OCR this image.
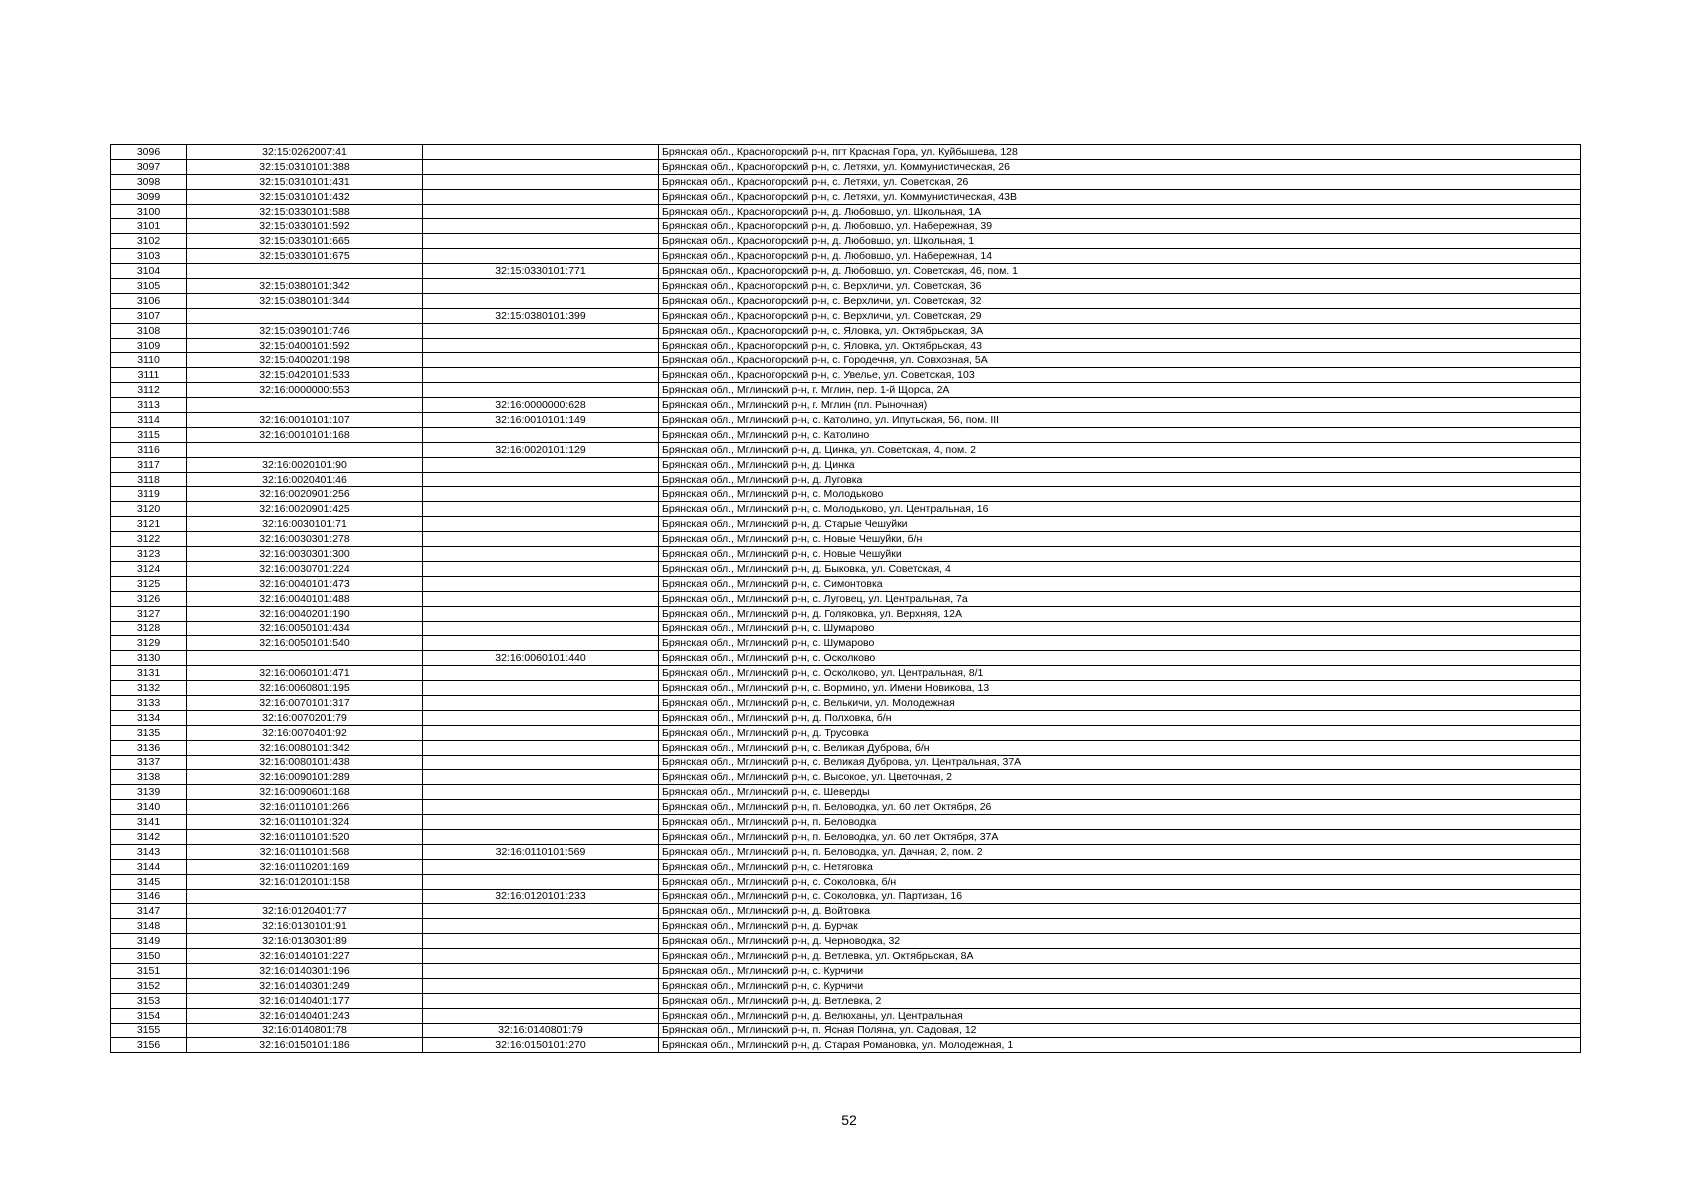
3096	32:15:0262007:41		Брянская обл., Красногорский р-н, пгт Красная Гора, ул. Куйбышева, 128
3097	32:15:0310101:388		Брянская обл., Красногорский р-н, с. Летяхи, ул. Коммунистическая, 26
3098	32:15:0310101:431		Брянская обл., Красногорский р-н, с. Летяхи, ул. Советская, 26
3099	32:15:0310101:432		Брянская обл., Красногорский р-н, с. Летяхи, ул. Коммунистическая, 43В
3100	32:15:0330101:588		Брянская обл., Красногорский р-н, д. Любовшо, ул. Школьная, 1А
3101	32:15:0330101:592		Брянская обл., Красногорский р-н, д. Любовшо, ул. Набережная, 39
3102	32:15:0330101:665		Брянская обл., Красногорский р-н, д. Любовшо, ул. Школьная, 1
3103	32:15:0330101:675		Брянская обл., Красногорский р-н, д. Любовшо, ул. Набережная, 14
3104		32:15:0330101:771	Брянская обл., Красногорский р-н, д. Любовшо, ул. Советская, 46, пом. 1
3105	32:15:0380101:342		Брянская обл., Красногорский р-н, с. Верхличи, ул. Советская, 36
3106	32:15:0380101:344		Брянская обл., Красногорский р-н, с. Верхличи, ул. Советская, 32
3107		32:15:0380101:399	Брянская обл., Красногорский р-н, с. Верхличи, ул. Советская, 29
3108	32:15:0390101:746		Брянская обл., Красногорский р-н, с. Яловка, ул. Октябрьская, 3А
3109	32:15:0400101:592		Брянская обл., Красногорский р-н, с. Яловка, ул. Октябрьская, 43
3110	32:15:0400201:198		Брянская обл., Красногорский р-н, с. Городечня, ул. Совхозная, 5А
3111	32:15:0420101:533		Брянская обл., Красногорский р-н, с. Увелье, ул. Советская, 103
3112	32:16:0000000:553		Брянская обл., Мглинский р-н, г. Мглин, пер. 1-й Щорса, 2А
3113		32:16:0000000:628	Брянская обл., Мглинский р-н, г. Мглин (пл. Рыночная)
3114	32:16:0010101:107	32:16:0010101:149	Брянская обл., Мглинский р-н, с. Католино, ул. Ипутьская, 56, пом. III
3115	32:16:0010101:168		Брянская обл., Мглинский р-н, с. Католино
3116		32:16:0020101:129	Брянская обл., Мглинский р-н, д. Цинка, ул. Советская, 4, пом. 2
3117	32:16:0020101:90		Брянская обл., Мглинский р-н, д. Цинка
3118	32:16:0020401:46		Брянская обл., Мглинский р-н, д. Луговка
3119	32:16:0020901:256		Брянская обл., Мглинский р-н, с. Молодьково
3120	32:16:0020901:425		Брянская обл., Мглинский р-н, с. Молодьково, ул. Центральная, 16
3121	32:16:0030101:71		Брянская обл., Мглинский р-н, д. Старые Чешуйки
3122	32:16:0030301:278		Брянская обл., Мглинский р-н, с. Новые Чешуйки, б/н
3123	32:16:0030301:300		Брянская обл., Мглинский р-н, с. Новые Чешуйки
3124	32:16:0030701:224		Брянская обл., Мглинский р-н, д. Быковка, ул. Советская, 4
3125	32:16:0040101:473		Брянская обл., Мглинский р-н, с. Симонтовка
3126	32:16:0040101:488		Брянская обл., Мглинский р-н, с. Луговец, ул. Центральная, 7а
3127	32:16:0040201:190		Брянская обл., Мглинский р-н, д. Голяковка, ул. Верхняя, 12А
3128	32:16:0050101:434		Брянская обл., Мглинский р-н, с. Шумарово
3129	32:16:0050101:540		Брянская обл., Мглинский р-н, с. Шумарово
3130		32:16:0060101:440	Брянская обл., Мглинский р-н, с. Осколково
3131	32:16:0060101:471		Брянская обл., Мглинский р-н, с. Осколково, ул. Центральная, 8/1
3132	32:16:0060801:195		Брянская обл., Мглинский р-н, с. Вормино, ул. Имени Новикова, 13
3133	32:16:0070101:317		Брянская обл., Мглинский р-н, с. Велькичи, ул. Молодежная
3134	32:16:0070201:79		Брянская обл., Мглинский р-н, д. Полховка, б/н
3135	32:16:0070401:92		Брянская обл., Мглинский р-н, д. Трусовка
3136	32:16:0080101:342		Брянская обл., Мглинский р-н, с. Великая Дуброва, б/н
3137	32:16:0080101:438		Брянская обл., Мглинский р-н, с. Великая Дуброва, ул. Центральная, 37А
3138	32:16:0090101:289		Брянская обл., Мглинский р-н, с. Высокое, ул. Цветочная, 2
3139	32:16:0090601:168		Брянская обл., Мглинский р-н, с. Шеверды
3140	32:16:0110101:266		Брянская обл., Мглинский р-н, п. Беловодка, ул. 60 лет Октября, 26
3141	32:16:0110101:324		Брянская обл., Мглинский р-н, п. Беловодка
3142	32:16:0110101:520		Брянская обл., Мглинский р-н, п. Беловодка, ул. 60 лет Октября, 37А
3143	32:16:0110101:568	32:16:0110101:569	Брянская обл., Мглинский р-н, п. Беловодка, ул. Дачная, 2, пом. 2
3144	32:16:0110201:169		Брянская обл., Мглинский р-н, с. Нетяговка
3145	32:16:0120101:158		Брянская обл., Мглинский р-н, с. Соколовка, б/н
3146		32:16:0120101:233	Брянская обл., Мглинский р-н, с. Соколовка, ул. Партизан, 16
3147	32:16:0120401:77		Брянская обл., Мглинский р-н, д. Войтовка
3148	32:16:0130101:91		Брянская обл., Мглинский р-н, д. Бурчак
3149	32:16:0130301:89		Брянская обл., Мглинский р-н, д. Черноводка, 32
3150	32:16:0140101:227		Брянская обл., Мглинский р-н, д. Ветлевка, ул. Октябрьская, 8А
3151	32:16:0140301:196		Брянская обл., Мглинский р-н, с. Курчичи
3152	32:16:0140301:249		Брянская обл., Мглинский р-н, с. Курчичи
3153	32:16:0140401:177		Брянская обл., Мглинский р-н, д. Ветлевка, 2
3154	32:16:0140401:243		Брянская обл., Мглинский р-н, д. Велюханы, ул. Центральная
3155	32:16:0140801:78	32:16:0140801:79	Брянская обл., Мглинский р-н, п. Ясная Поляна, ул. Садовая, 12
3156	32:16:0150101:186	32:16:0150101:270	Брянская обл., Мглинский р-н, д. Старая Романовка, ул. Молодежная, 1
52
